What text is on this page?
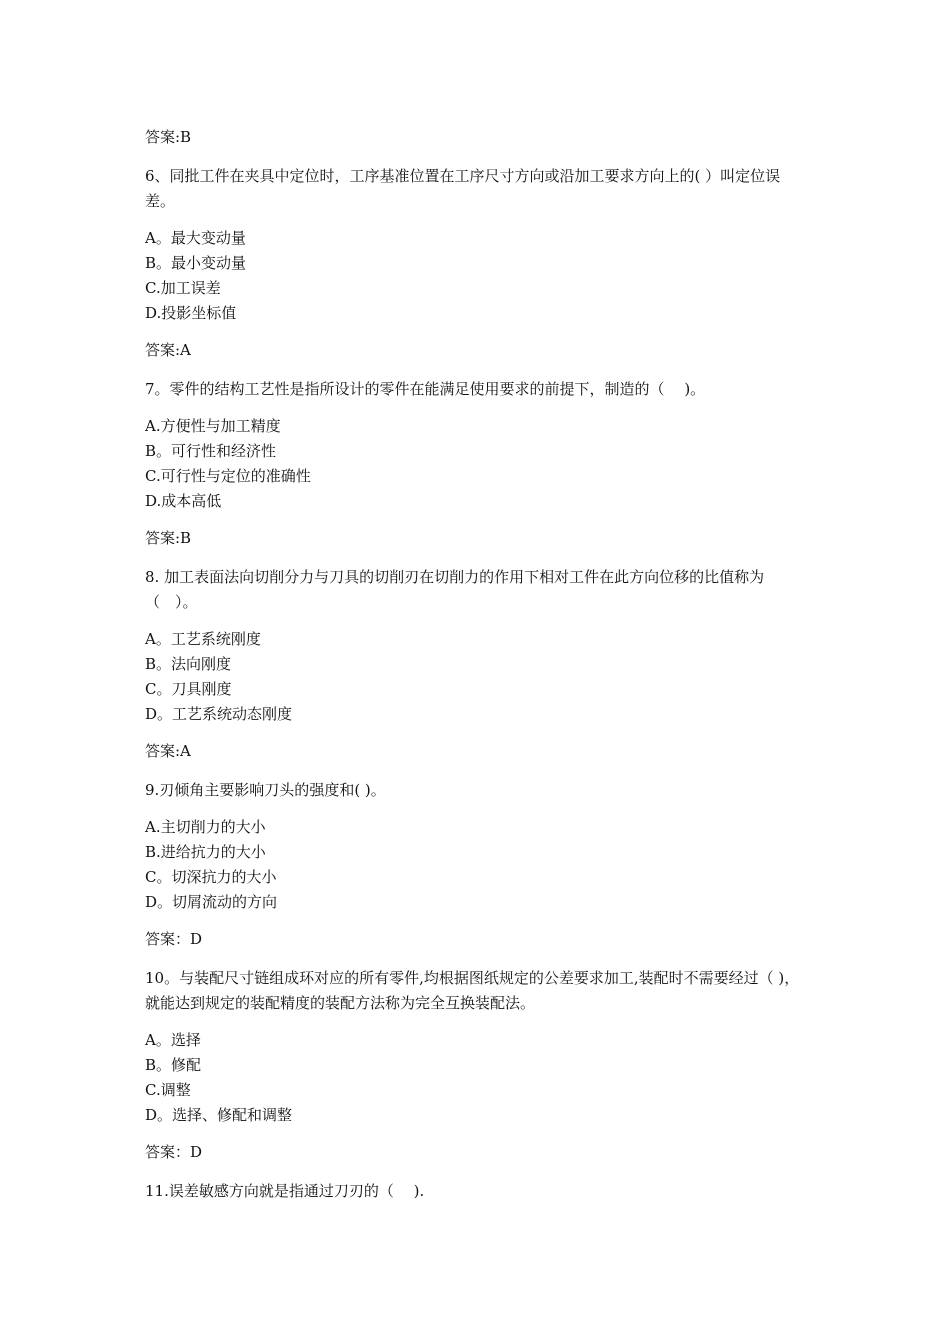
答案:B
6、同批工件在夹具中定位时，工序基准位置在工序尺寸方向或沿加工要求方向上的( ）叫定位误差。
A。最大变动量
B。最小变动量
C.加工误差
D.投影坐标值
答案:A
7。零件的结构工艺性是指所设计的零件在能满足使用要求的前提下，制造的（　 )。
A.方便性与加工精度
B。可行性和经济性
C.可行性与定位的准确性
D.成本高低
答案:B
8. 加工表面法向切削分力与刀具的切削刃在切削力的作用下相对工件在此方向位移的比值称为（　）。
A。工艺系统刚度
B。法向刚度
C。刀具刚度
D。工艺系统动态刚度
答案:A
9.刃倾角主要影响刀头的强度和( )。
A.主切削力的大小
B.进给抗力的大小
C。切深抗力的大小
D。切屑流动的方向
答案：D
10。与装配尺寸链组成环对应的所有零件,均根据图纸规定的公差要求加工,装配时不需要经过（ )，就能达到规定的装配精度的装配方法称为完全互换装配法。
A。选择
B。修配
C.调整
D。选择、修配和调整
答案：D
11.误差敏感方向就是指通过刀刃的（　 ).
